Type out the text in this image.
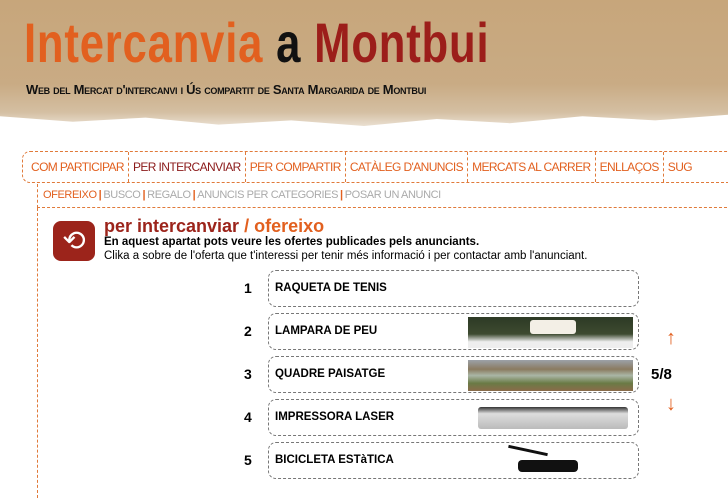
Intercanvia a Montbui
Web del Mercat d'intercanvi i Ús compartit de Santa Margarida de Montbui
COM PARTICIPAR PER INTERCANVIAR PER COMPARTIR CATÀLEG D'ANUNCIS MERCATS AL CARRER ENLLAÇOS SUG
OFEREIXO | BUSCO | REGALO | ANUNCIS PER CATEGORIES | POSAR UN ANUNCI
⟲	per intercanviar / ofereixo
En aquest apartat pots veure les ofertes publicades pels anunciants.
Clika a sobre de l'oferta que t'interessi per tenir més informació i per contactar amb l'anunciant.
1	RAQUETA DE TENIS
2	LAMPARA DE PEU
3	QUADRE PAISATGE
4	IMPRESSORA LASER
5	BICICLETA ESTàTICA
↑
5/8
↓
